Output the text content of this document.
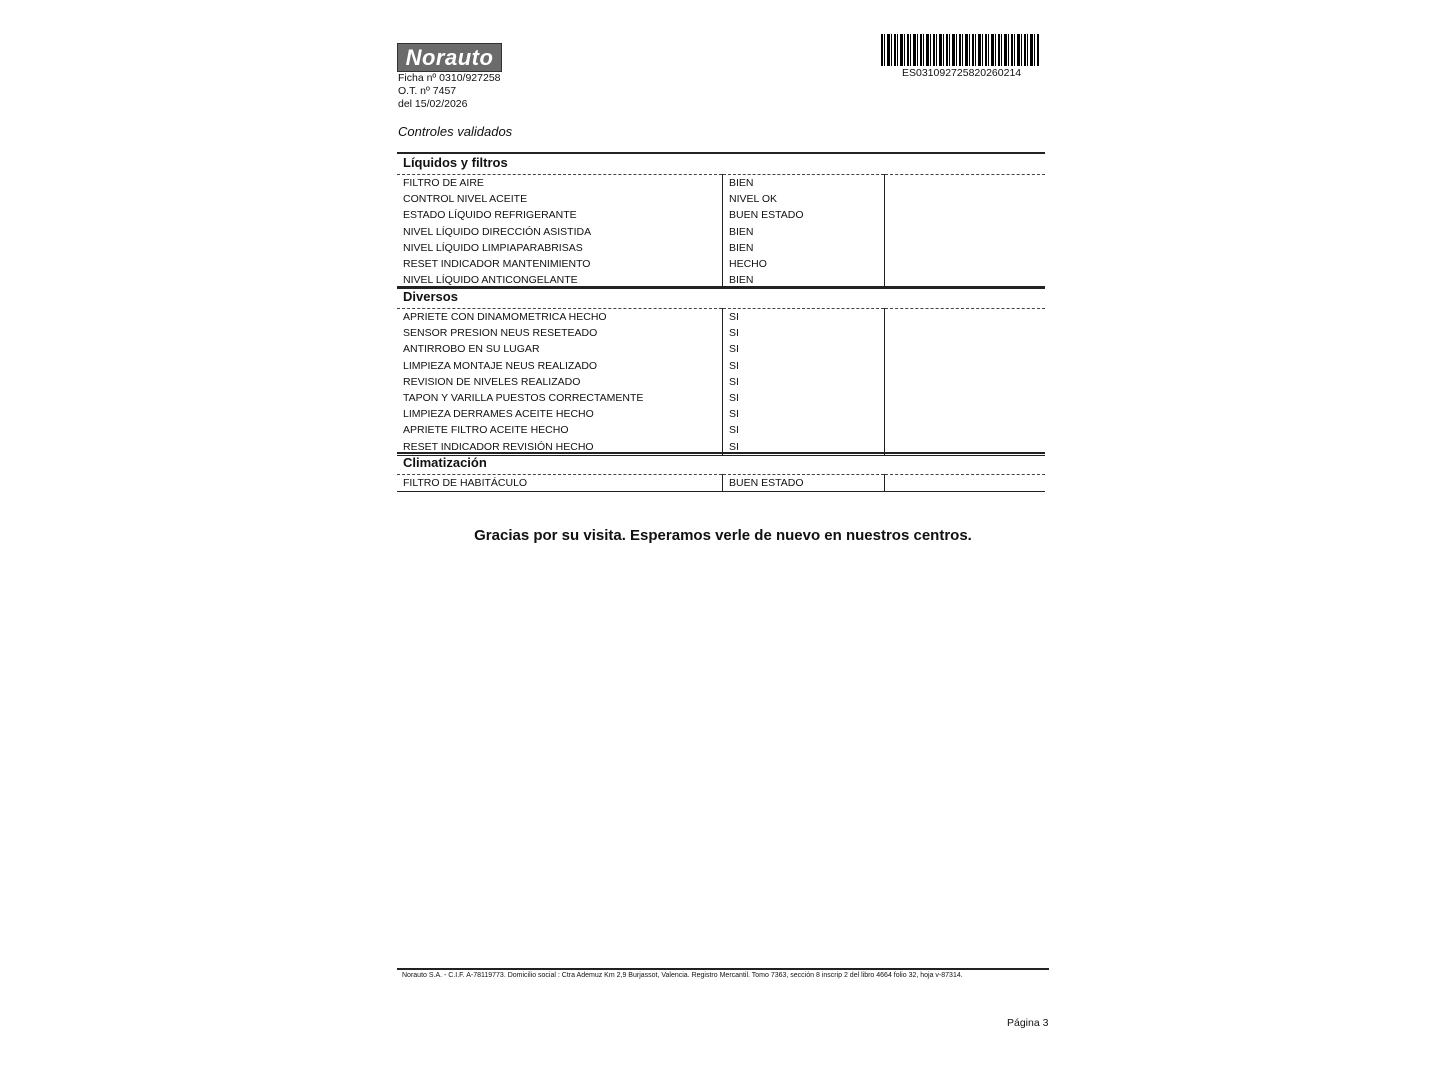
Norauto
Ficha nº 0310/927258
O.T. nº 7457
del 15/02/2026
ES031092725820260214
Controles validados
Líquidos y filtros
FILTRO DE AIRE	BIEN	
CONTROL NIVEL ACEITE	NIVEL OK	
ESTADO LÍQUIDO REFRIGERANTE	BUEN ESTADO	
NIVEL LÍQUIDO DIRECCIÓN ASISTIDA	BIEN	
NIVEL LÍQUIDO LIMPIAPARABRISAS	BIEN	
RESET INDICADOR MANTENIMIENTO	HECHO	
NIVEL LÍQUIDO ANTICONGELANTE	BIEN	
Diversos
APRIETE CON DINAMOMETRICA HECHO	SI	
SENSOR PRESION NEUS RESETEADO	SI	
ANTIRROBO EN SU LUGAR	SI	
LIMPIEZA MONTAJE NEUS REALIZADO	SI	
REVISION DE NIVELES REALIZADO	SI	
TAPON Y VARILLA PUESTOS CORRECTAMENTE	SI	
LIMPIEZA DERRAMES ACEITE HECHO	SI	
APRIETE FILTRO ACEITE HECHO	SI	
RESET INDICADOR REVISIÓN HECHO	SI	
Climatización
FILTRO DE HABITÁCULO	BUEN ESTADO	
Gracias por su visita. Esperamos verle de nuevo en nuestros centros.
Norauto S.A. - C.I.F. A-78119773. Domicilio social : Ctra Ademuz Km 2,9 Burjassot, Valencia. Registro Mercantil. Tomo 7363, sección 8 inscrip 2 del libro 4664 folio 32, hoja v-87314.
Página 3
